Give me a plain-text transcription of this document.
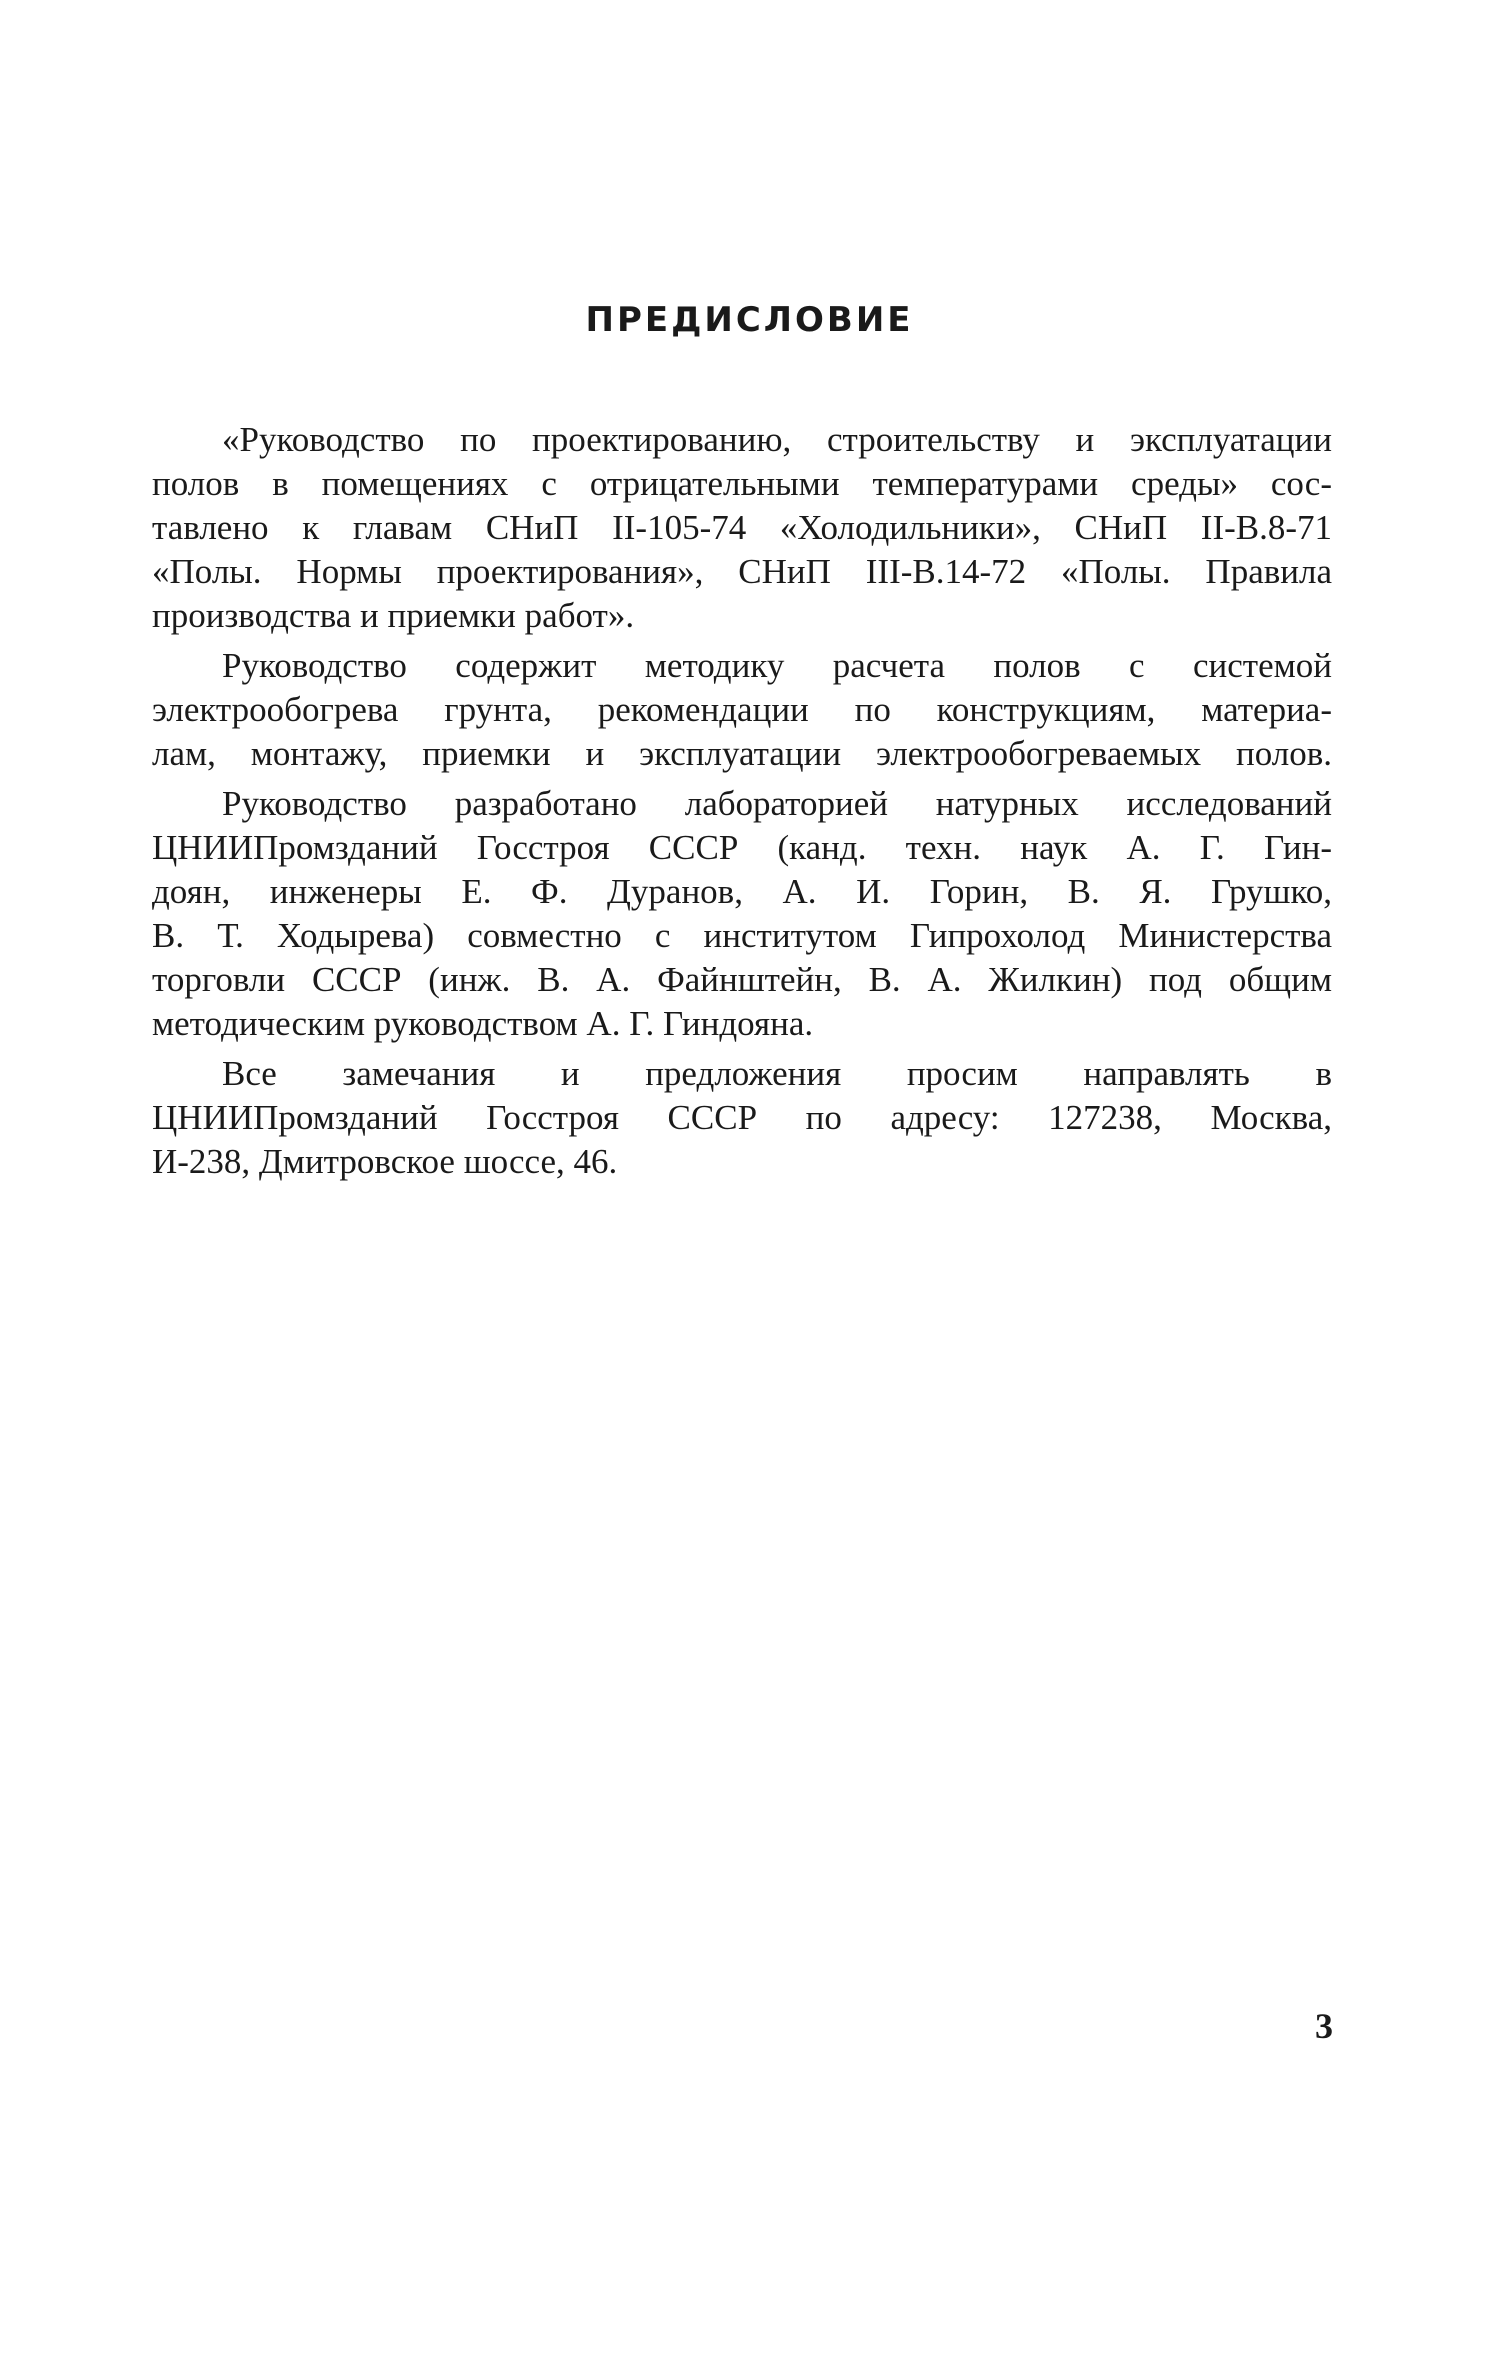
ПРЕДИСЛОВИЕ

«Руководство по проектированию, строительству и эксплуатации
полов в помещениях с отрицательными температурами среды» сос-
тавлено к главам СНиП II-105-74 «Холодильники», СНиП II-В.8-71
«Полы. Нормы проектирования», СНиП III-В.14-72 «Полы. Правила
производства и приемки работ».

Руководство содержит методику расчета полов с системой
электрообогрева грунта, рекомендации по конструкциям, материа-
лам, монтажу, приемки и эксплуатации электрообогреваемых полов.

Руководство разработано лабораторией натурных исследований
ЦНИИПромзданий Госстроя СССР (канд. техн. наук А. Г. Гин-
доян, инженеры Е. Ф. Дуранов, А. И. Горин, В. Я. Грушко,
В. Т. Ходырева) совместно с институтом Гипрохолод Министерства
торговли СССР (инж. В. А. Файнштейн, В. А. Жилкин) под общим
методическим руководством А. Г. Гиндояна.

Все замечания и предложения просим направлять в
ЦНИИПромзданий Госстроя СССР по адресу: 127238, Москва,
И-238, Дмитровское шоссе, 46.

3
